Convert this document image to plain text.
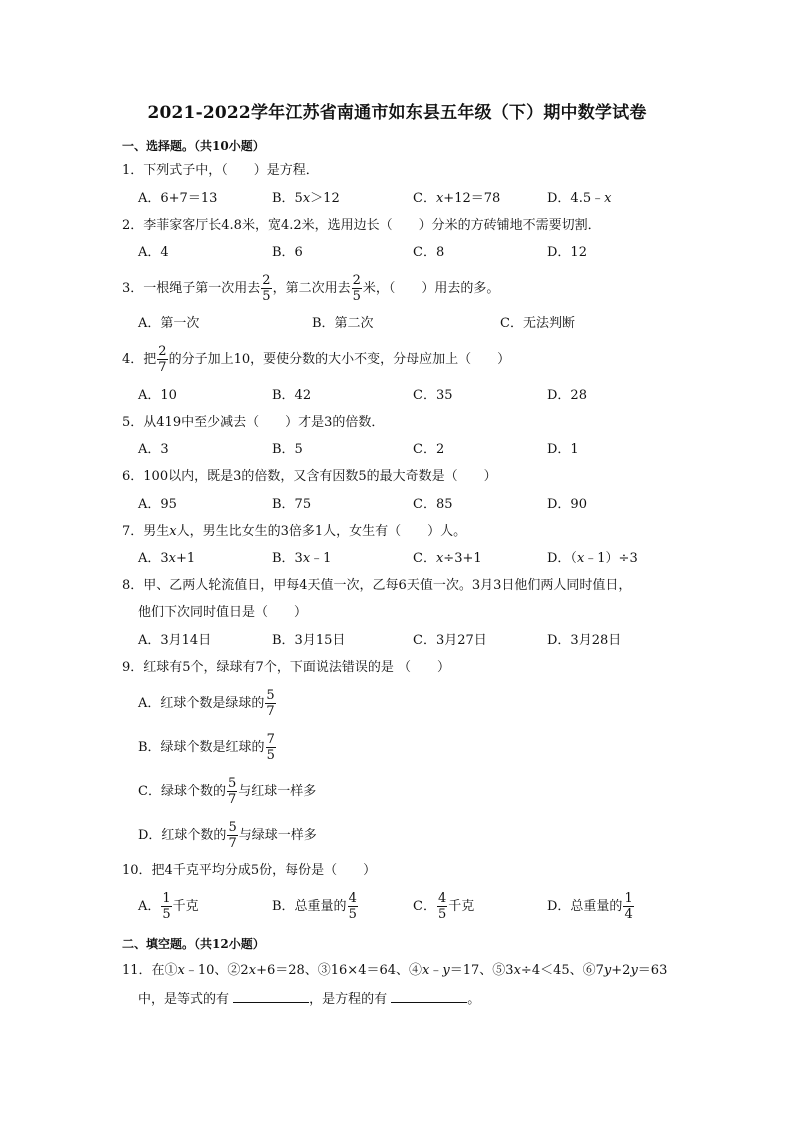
2021-2022学年江苏省南通市如东县五年级（下）期中数学试卷
一、选择题。（共10小题）
1．下列式子中，（　　）是方程．
A．6+7＝13	B．5x＞12	C．x+12＝78	D．4.5﹣x
2．李菲家客厅长4.8米，宽4.2米，选用边长（　　）分米的方砖铺地不需要切割．
A．4	B．6	C．8	D．12
3．一根绳子第一次用去 $\frac{2}{5}$ ，第二次用去 $\frac{2}{5}$ 米，（　　）用去的多。
A．第一次	B．第二次	C．无法判断
4．把 $\frac{2}{7}$ 的分子加上10，要使分数的大小不变，分母应加上（　　）
A．10	B．42	C．35	D．28
5．从419中至少减去（　　）才是3的倍数．
A．3	B．5	C．2	D．1
6．100以内，既是3的倍数，又含有因数5的最大奇数是（　　）
A．95	B．75	C．85	D．90
7．男生x人，男生比女生的3倍多1人，女生有（　　）人。
A．3x+1	B．3x﹣1	C．x÷3+1	D．（x﹣1）÷3
8．甲、乙两人轮流值日，甲每4天值一次，乙每6天值一次。3月3日他们两人同时值日，
他们下次同时值日是（　　）
A．3月14日	B．3月15日	C．3月27日	D．3月28日
9．红球有5个，绿球有7个，下面说法错误的是 （　　）
A．红球个数是绿球的 $\frac{5}{7}$
B．绿球个数是红球的 $\frac{7}{5}$
C．绿球个数的 $\frac{5}{7}$ 与红球一样多
D．红球个数的 $\frac{5}{7}$ 与绿球一样多
10．把4千克平均分成5份，每份是（　　）
A． $\frac{1}{5}$ 千克	B．总重量的 $\frac{4}{5}$	C． $\frac{4}{5}$ 千克	D．总重量的 $\frac{1}{4}$
二、填空题。（共12小题）
11．在①x﹣10、②2x+6＝28、③16×4＝64、④x﹣y＝17、⑤3x÷4＜45、⑥7y+2y＝63
中，是等式的有	，是方程的有	。
